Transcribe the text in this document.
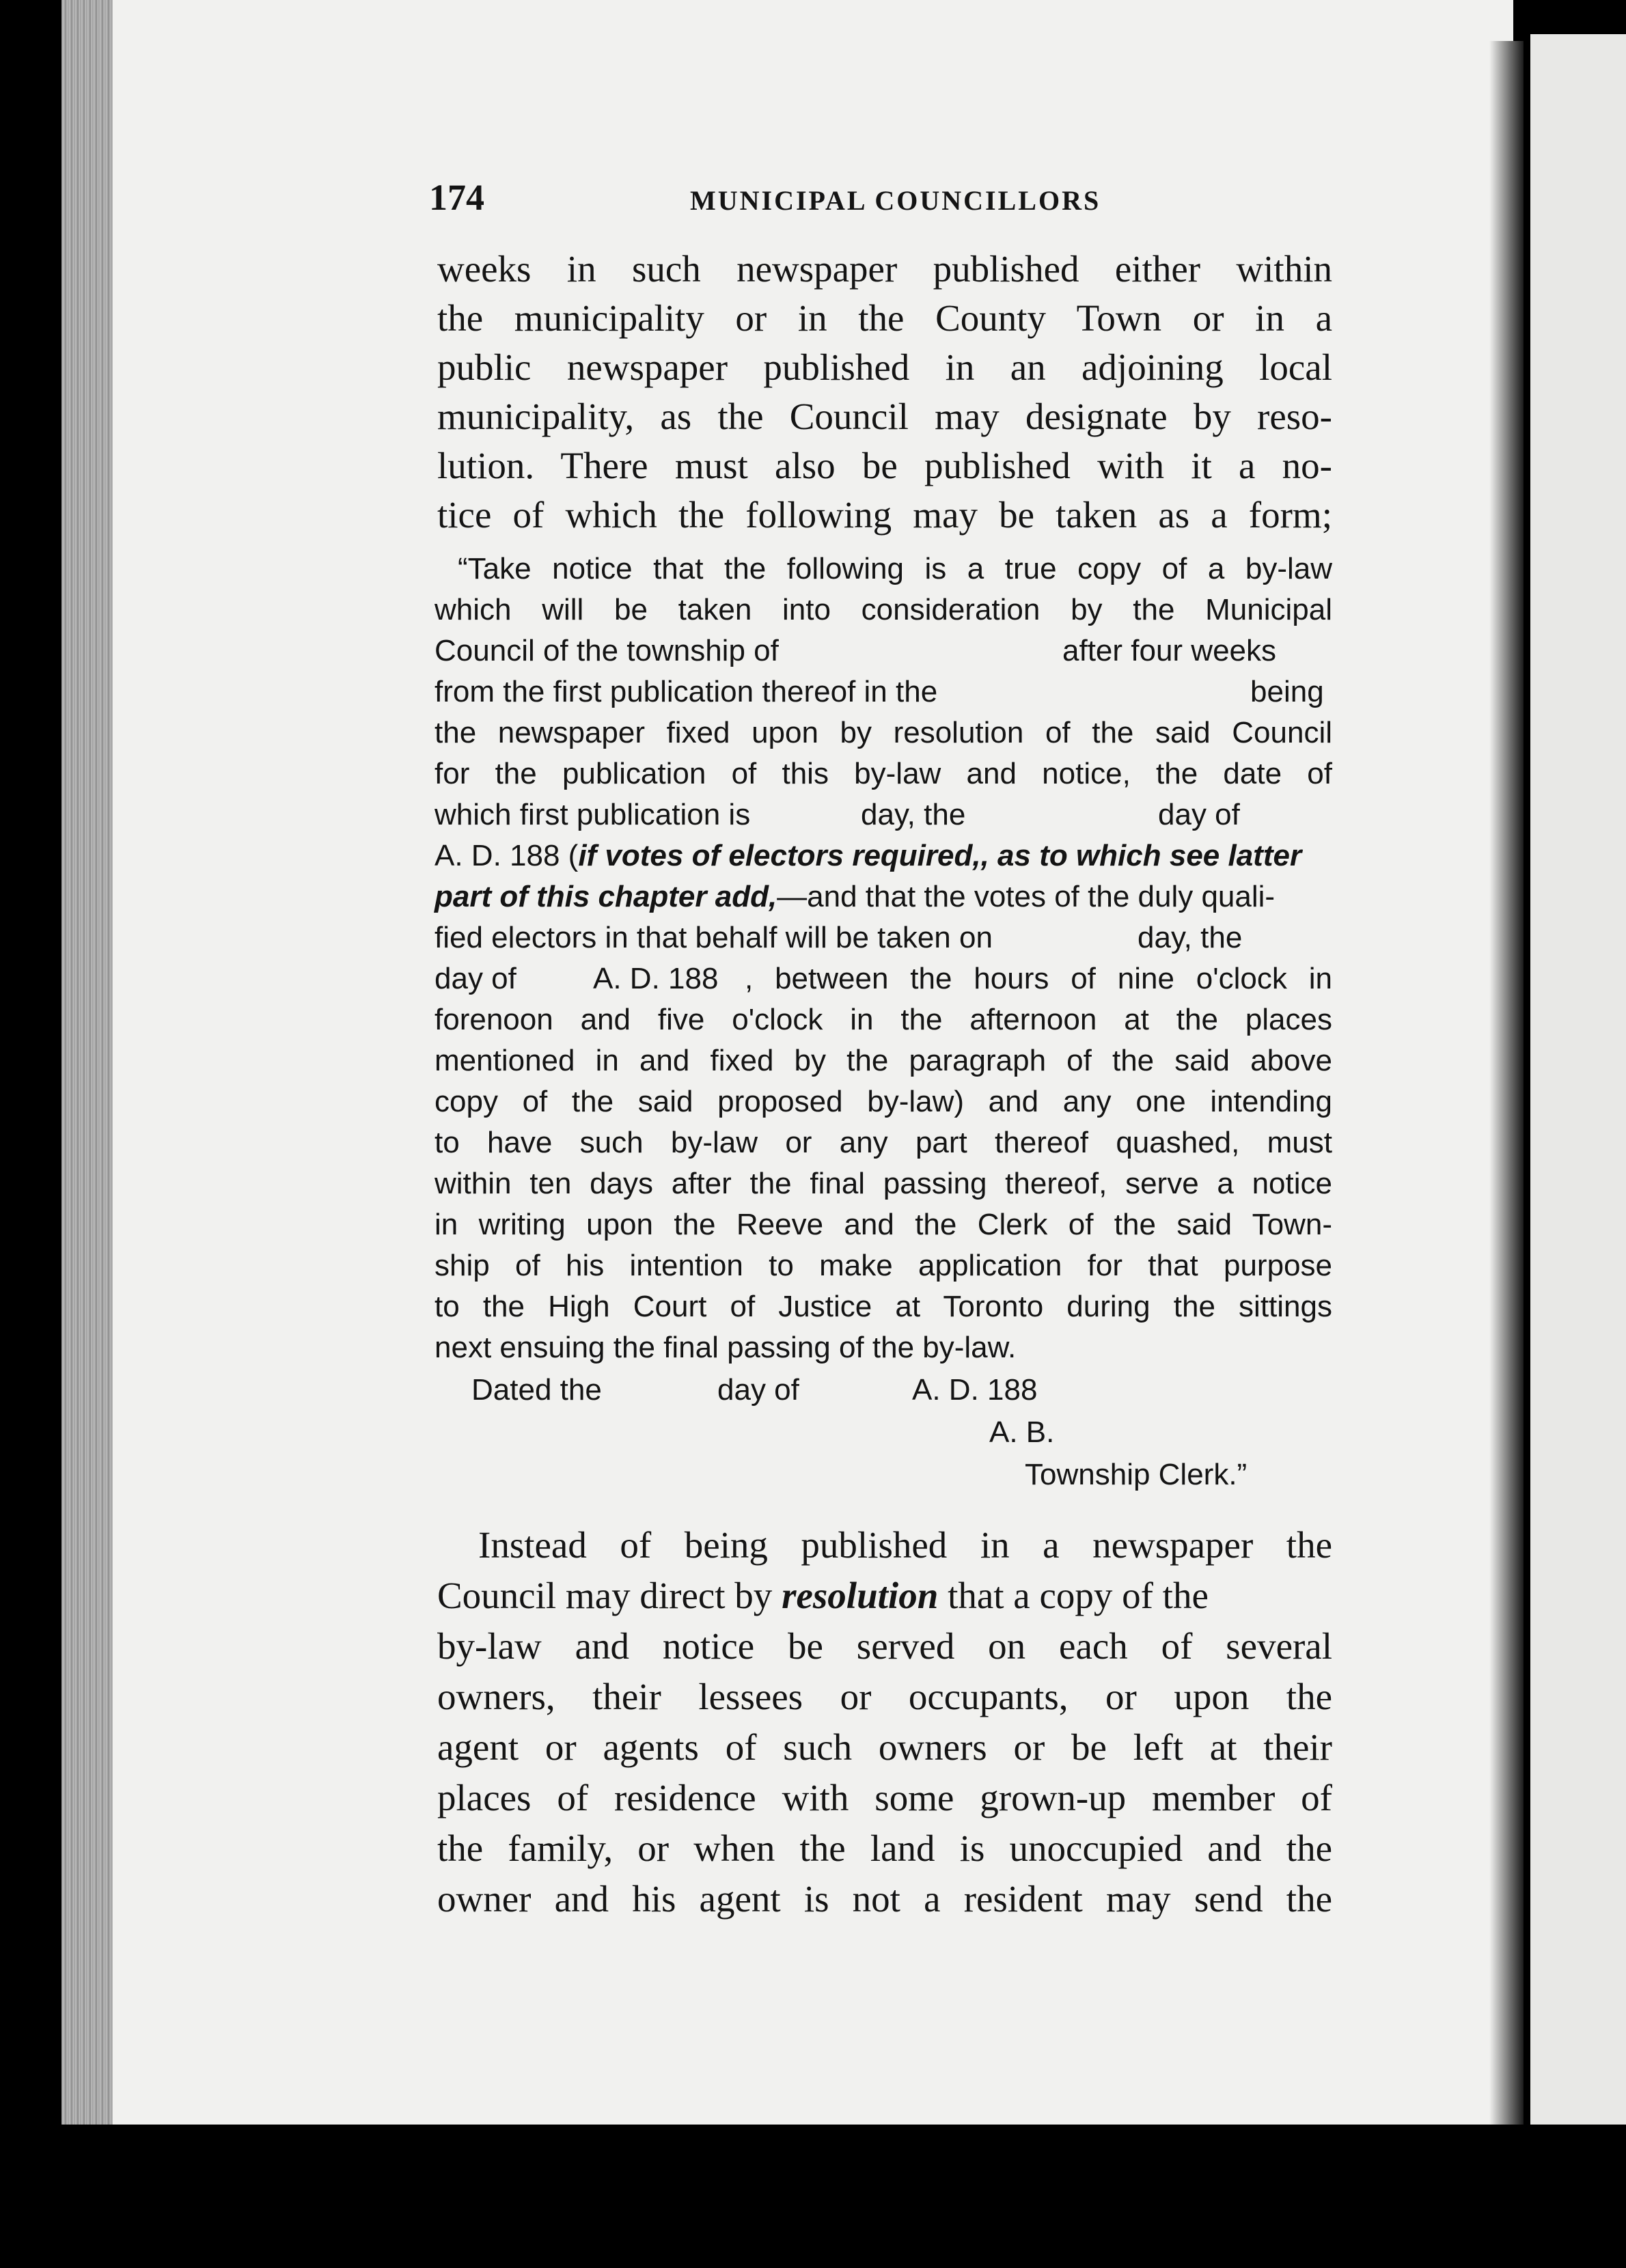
174	MUNICIPAL COUNCILLORS
weeks in such newspaper published either within
the municipality or in the County Town or in a
public newspaper published in an adjoining local
municipality, as the Council may designate by reso-
lution. There must also be published with it a no-
tice of which the following may be taken as a form;
“Take notice that the following is a true copy of a by-law
which will be taken into consideration by the Municipal
Council of the township of	after four weeks
from the first publication thereof in the	being
the newspaper fixed upon by resolution of the said Council
for the publication of this by-law and notice, the date of
which first publication is	day, the	day of
A. D. 188 (if votes of electors required,, as to which see latter
part of this chapter add,—and that the votes of the duly quali-
fied electors in that behalf will be taken on	day, the
day of	A. D. 188 , between the hours of nine o'clock in
forenoon and five o'clock in the afternoon at the places
mentioned in and fixed by the paragraph of the said above
copy of the said proposed by-law) and any one intending
to have such by-law or any part thereof quashed, must
within ten days after the final passing thereof, serve a notice
in writing upon the Reeve and the Clerk of the said Town-
ship of his intention to make application for that purpose
to the High Court of Justice at Toronto during the sittings
next ensuing the final passing of the by-law.
Dated the	day of	A. D. 188
A. B.
Township Clerk.”
Instead of being published in a newspaper the
Council may direct by resolution that a copy of the
by-law and notice be served on each of several
owners, their lessees or occupants, or upon the
agent or agents of such owners or be left at their
places of residence with some grown-up member of
the family, or when the land is unoccupied and the
owner and his agent is not a resident may send the
